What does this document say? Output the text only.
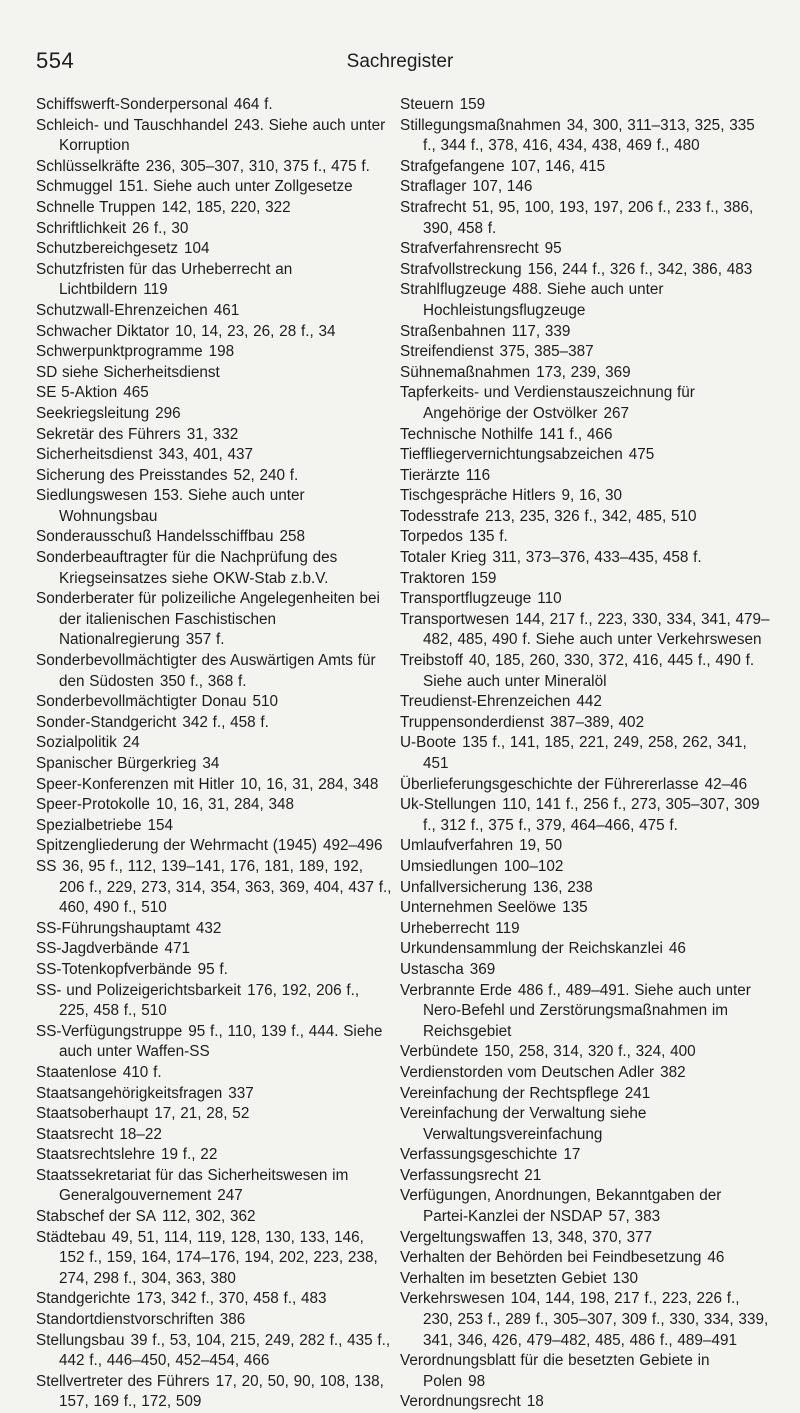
554	Sachregister

Schiffswerft-Sonderpersonal 464 f.

Schleich- und Tauschhandel 243. Siehe auch unter Korruption

Schlüsselkräfte 236, 305–307, 310, 375 f., 475 f.

Schmuggel 151. Siehe auch unter Zollgesetze

Schnelle Truppen 142, 185, 220, 322

Schriftlichkeit 26 f., 30

Schutzbereichgesetz 104

Schutzfristen für das Urheberrecht an Lichtbildern 119

Schutzwall-Ehrenzeichen 461

Schwacher Diktator 10, 14, 23, 26, 28 f., 34

Schwerpunktprogramme 198

SD siehe Sicherheitsdienst

SE 5-Aktion 465

Seekriegsleitung 296

Sekretär des Führers 31, 332

Sicherheitsdienst 343, 401, 437

Sicherung des Preisstandes 52, 240 f.

Siedlungswesen 153. Siehe auch unter Wohnungsbau

Sonderausschuß Handelsschiffbau 258

Sonderbeauftragter für die Nachprüfung des Kriegseinsatzes siehe OKW-Stab z.b.V.

Sonderberater für polizeiliche Angelegenheiten bei der italienischen Faschistischen Nationalregierung 357 f.

Sonderbevollmächtigter des Auswärtigen Amts für den Südosten 350 f., 368 f.

Sonderbevollmächtigter Donau 510

Sonder-Standgericht 342 f., 458 f.

Sozialpolitik 24

Spanischer Bürgerkrieg 34

Speer-Konferenzen mit Hitler 10, 16, 31, 284, 348

Speer-Protokolle 10, 16, 31, 284, 348

Spezialbetriebe 154

Spitzengliederung der Wehrmacht (1945) 492–496

SS 36, 95 f., 112, 139–141, 176, 181, 189, 192, 206 f., 229, 273, 314, 354, 363, 369, 404, 437 f., 460, 490 f., 510

SS-Führungshauptamt 432

SS-Jagdverbände 471

SS-Totenkopfverbände 95 f.

SS- und Polizeigerichtsbarkeit 176, 192, 206 f., 225, 458 f., 510

SS-Verfügungstruppe 95 f., 110, 139 f., 444. Siehe auch unter Waffen-SS

Staatenlose 410 f.

Staatsangehörigkeitsfragen 337

Staatsoberhaupt 17, 21, 28, 52

Staatsrecht 18–22

Staatsrechtslehre 19 f., 22

Staatssekretariat für das Sicherheitswesen im Generalgouvernement 247

Stabschef der SA 112, 302, 362

Städtebau 49, 51, 114, 119, 128, 130, 133, 146, 152 f., 159, 164, 174–176, 194, 202, 223, 238, 274, 298 f., 304, 363, 380

Standgerichte 173, 342 f., 370, 458 f., 483

Standortdienstvorschriften 386

Stellungsbau 39 f., 53, 104, 215, 249, 282 f., 435 f., 442 f., 446–450, 452–454, 466

Stellvertreter des Führers 17, 20, 50, 90, 108, 138, 157, 169 f., 172, 509

Steuern 159

Stillegungsmaßnahmen 34, 300, 311–313, 325, 335 f., 344 f., 378, 416, 434, 438, 469 f., 480

Strafgefangene 107, 146, 415

Straflager 107, 146

Strafrecht 51, 95, 100, 193, 197, 206 f., 233 f., 386, 390, 458 f.

Strafverfahrensrecht 95

Strafvollstreckung 156, 244 f., 326 f., 342, 386, 483

Strahlflugzeuge 488. Siehe auch unter Hochleistungsflugzeuge

Straßenbahnen 117, 339

Streifendienst 375, 385–387

Sühnemaßnahmen 173, 239, 369

Tapferkeits- und Verdienstauszeichnung für Angehörige der Ostvölker 267

Technische Nothilfe 141 f., 466

Tieffliegervernichtungsabzeichen 475

Tierärzte 116

Tischgespräche Hitlers 9, 16, 30

Todesstrafe 213, 235, 326 f., 342, 485, 510

Torpedos 135 f.

Totaler Krieg 311, 373–376, 433–435, 458 f.

Traktoren 159

Transportflugzeuge 110

Transportwesen 144, 217 f., 223, 330, 334, 341, 479–482, 485, 490 f. Siehe auch unter Verkehrswesen

Treibstoff 40, 185, 260, 330, 372, 416, 445 f., 490 f. Siehe auch unter Mineralöl

Treudienst-Ehrenzeichen 442

Truppensonderdienst 387–389, 402

U-Boote 135 f., 141, 185, 221, 249, 258, 262, 341, 451

Überlieferungsgeschichte der Führererlasse 42–46

Uk-Stellungen 110, 141 f., 256 f., 273, 305–307, 309 f., 312 f., 375 f., 379, 464–466, 475 f.

Umlaufverfahren 19, 50

Umsiedlungen 100–102

Unfallversicherung 136, 238

Unternehmen Seelöwe 135

Urheberrecht 119

Urkundensammlung der Reichskanzlei 46

Ustascha 369

Verbrannte Erde 486 f., 489–491. Siehe auch unter Nero-Befehl und Zerstörungsmaßnahmen im Reichsgebiet

Verbündete 150, 258, 314, 320 f., 324, 400

Verdienstorden vom Deutschen Adler 382

Vereinfachung der Rechtspflege 241

Vereinfachung der Verwaltung siehe Verwaltungsvereinfachung

Verfassungsgeschichte 17

Verfassungsrecht 21

Verfügungen, Anordnungen, Bekanntgaben der Partei-Kanzlei der NSDAP 57, 383

Vergeltungswaffen 13, 348, 370, 377

Verhalten der Behörden bei Feindbesetzung 46

Verhalten im besetzten Gebiet 130

Verkehrswesen 104, 144, 198, 217 f., 223, 226 f., 230, 253 f., 289 f., 305–307, 309 f., 330, 334, 339, 341, 346, 426, 479–482, 485, 486 f., 489–491

Verordnungsblatt für die besetzten Gebiete in Polen 98

Verordnungsrecht 18
